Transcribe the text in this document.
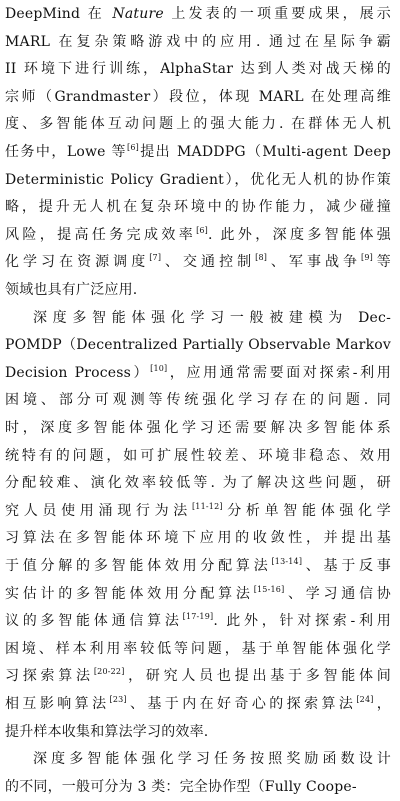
DeepMind 在 Nature 上发表的一项重要成果，展示
MARL 在复杂策略游戏中的应用. 通过在星际争霸
II 环境下进行训练，AlphaStar 达到人类对战天梯的
宗师（Grandmaster）段位，体现 MARL 在处理高维
度、多智能体互动问题上的强大能力. 在群体无人机
任务中，Lowe 等[6]提出 MADDPG（Multi-agent Deep
Deterministic Policy Gradient），优化无人机的协作策
略，提升无人机在复杂环境中的协作能力，减少碰撞
风险，提高任务完成效率[6]. 此外，深度多智能体强
化学习在资源调度[7]、交通控制[8]、军事战争[9]等
领域也具有广泛应用.
深度多智能体强化学习一般被建模为 Dec-
POMDP（Decentralized Partially Observable Markov
Decision Process）[10]，应用通常需要面对探索-利用
困境、部分可观测等传统强化学习存在的问题. 同
时，深度多智能体强化学习还需要解决多智能体系
统特有的问题，如可扩展性较差、环境非稳态、效用
分配较难、演化效率较低等. 为了解决这些问题，研
究人员使用涌现行为法[11-12]分析单智能体强化学
习算法在多智能体环境下应用的收敛性，并提出基
于值分解的多智能体效用分配算法[13-14]、基于反事
实估计的多智能体效用分配算法[15-16]、学习通信协
议的多智能体通信算法[17-19]. 此外，针对探索-利用
困境、样本利用率较低等问题，基于单智能体强化学
习探索算法[20-22]，研究人员也提出基于多智能体间
相互影响算法[23]、基于内在好奇心的探索算法[24]，
提升样本收集和算法学习的效率.
深度多智能体强化学习任务按照奖励函数设计
的不同，一般可分为 3 类：完全协作型（Fully Coope-
